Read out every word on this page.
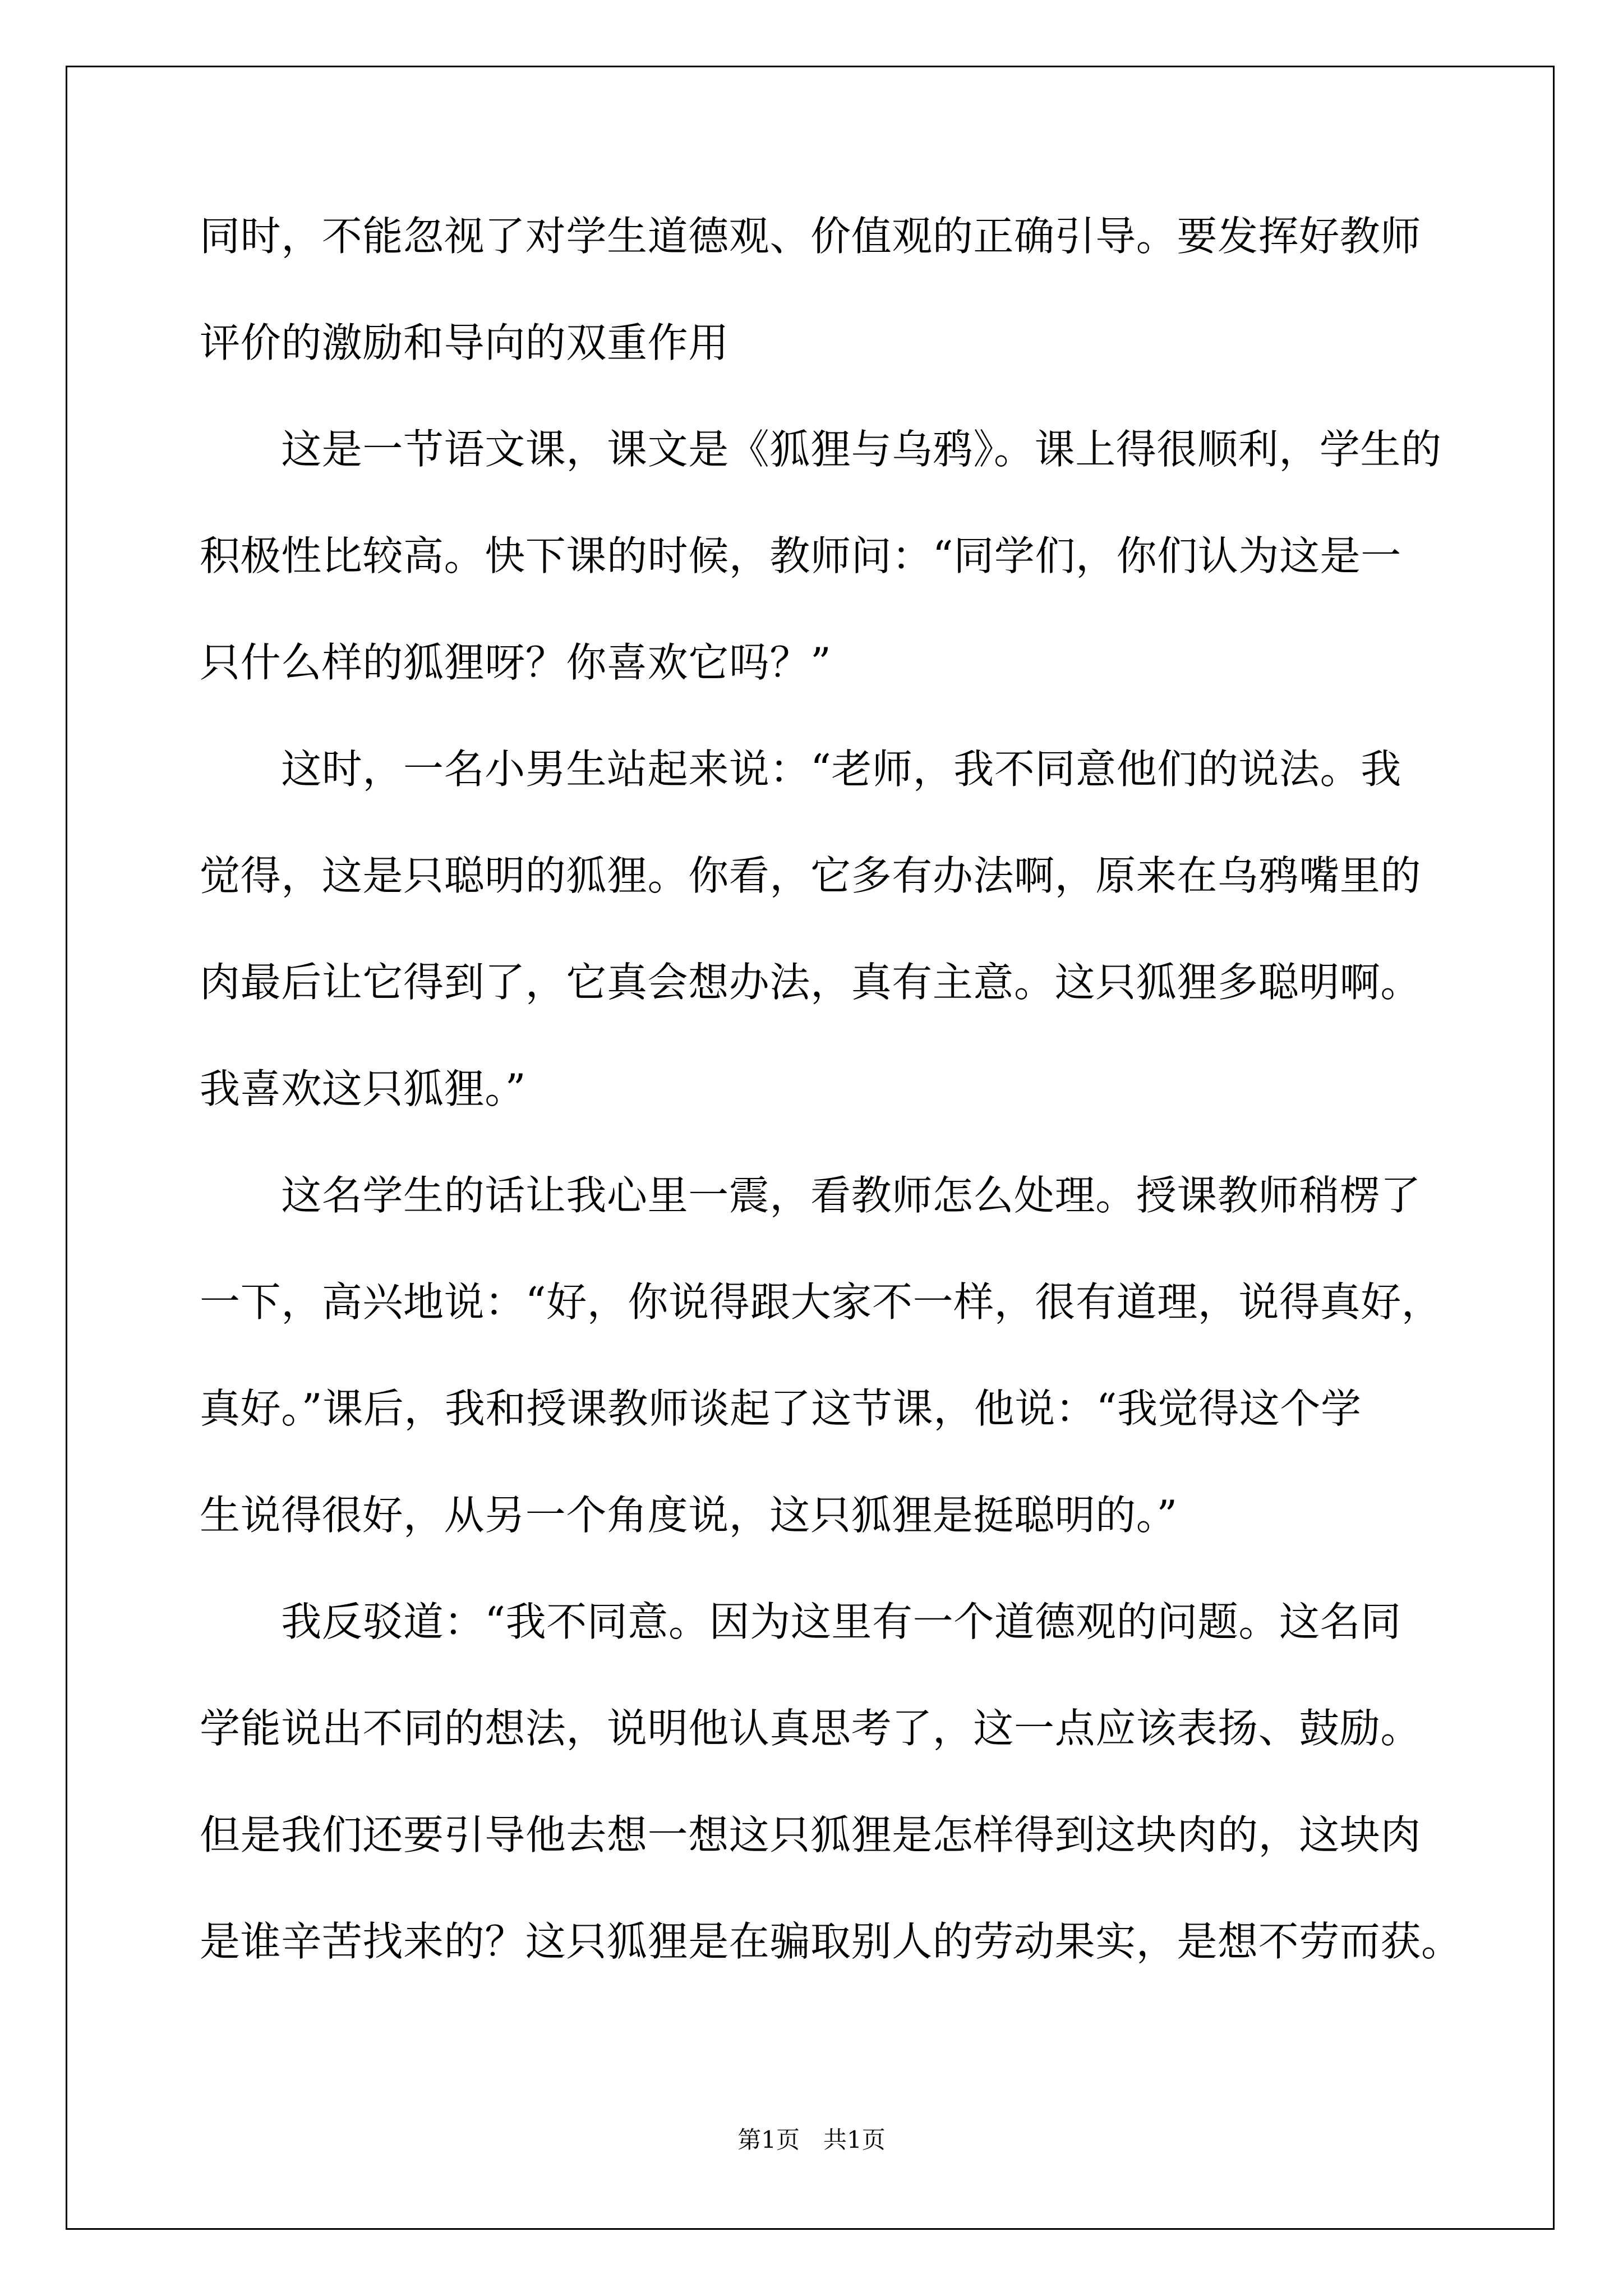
同时，不能忽视了对学生道德观、价值观的正确引导。要发挥好教师
评价的激励和导向的双重作用
　　这是一节语文课，课文是《狐狸与乌鸦》。课上得很顺利，学生的
积极性比较高。快下课的时候，教师问：“同学们，你们认为这是一
只什么样的狐狸呀？你喜欢它吗？”
　　这时，一名小男生站起来说：“老师，我不同意他们的说法。我
觉得，这是只聪明的狐狸。你看，它多有办法啊，原来在乌鸦嘴里的
肉最后让它得到了，它真会想办法，真有主意。这只狐狸多聪明啊。
我喜欢这只狐狸。”
　　这名学生的话让我心里一震，看教师怎么处理。授课教师稍楞了
一下，高兴地说：“好，你说得跟大家不一样，很有道理，说得真好，
真好。”课后，我和授课教师谈起了这节课，他说：“我觉得这个学
生说得很好，从另一个角度说，这只狐狸是挺聪明的。”
　　我反驳道：“我不同意。因为这里有一个道德观的问题。这名同
学能说出不同的想法，说明他认真思考了，这一点应该表扬、鼓励。
但是我们还要引导他去想一想这只狐狸是怎样得到这块肉的，这块肉
是谁辛苦找来的？这只狐狸是在骗取别人的劳动果实，是想不劳而获。
第1页　共1页
